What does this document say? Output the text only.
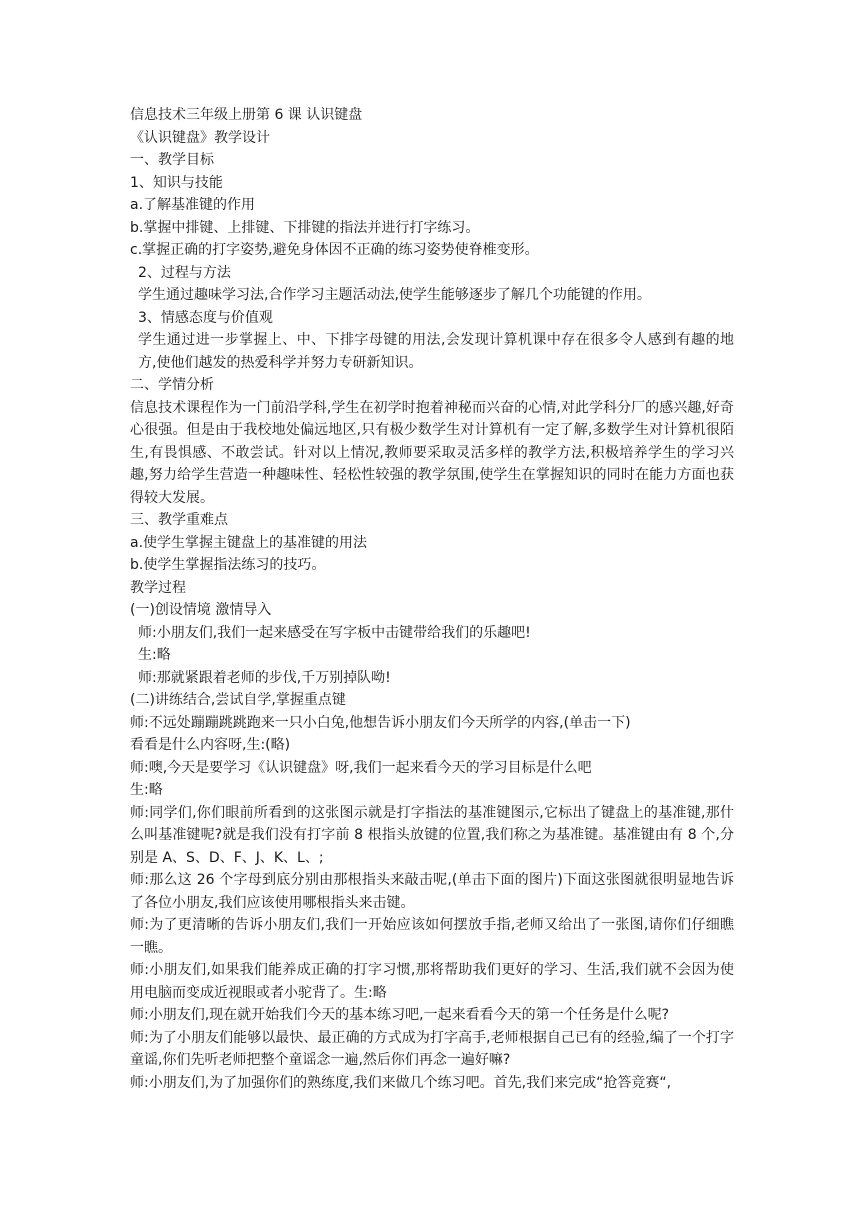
信息技术三年级上册第 6 课 认识键盘
《认识键盘》教学设计
一、教学目标
1、知识与技能
a.了解基准键的作用
b.掌握中排键、上排键、下排键的指法并进行打字练习。
c.掌握正确的打字姿势,避免身体因不正确的练习姿势使脊椎变形。
2、过程与方法
学生通过趣味学习法,合作学习主题活动法,使学生能够逐步了解几个功能键的作用。
3、情感态度与价值观
学生通过进一步掌握上、中、下排字母键的用法,会发现计算机课中存在很多令人感到有趣的地方,使他们越发的热爱科学并努力专研新知识。
二、学情分析
信息技术课程作为一门前沿学科,学生在初学时抱着神秘而兴奋的心情,对此学科分厂的感兴趣,好奇心很强。但是由于我校地处偏远地区,只有极少数学生对计算机有一定了解,多数学生对计算机很陌生,有畏惧感、不敢尝试。针对以上情况,教师要采取灵活多样的教学方法,积极培养学生的学习兴趣,努力给学生营造一种趣味性、轻松性较强的教学氛围,使学生在掌握知识的同时在能力方面也获得较大发展。
三、教学重难点
a.使学生掌握主键盘上的基准键的用法
b.使学生掌握指法练习的技巧。
教学过程
(一)创设情境 激情导入
师:小朋友们,我们一起来感受在写字板中击键带给我们的乐趣吧!
生:略
师:那就紧跟着老师的步伐,千万别掉队呦!
(二)讲练结合,尝试自学,掌握重点键
师:不远处蹦蹦跳跳跑来一只小白兔,他想告诉小朋友们今天所学的内容,(单击一下)
看看是什么内容呀,生:(略)
师:噢,今天是要学习《认识键盘》呀,我们一起来看今天的学习目标是什么吧
生:略
师:同学们,你们眼前所看到的这张图示就是打字指法的基准键图示,它标出了键盘上的基准键,那什么叫基准键呢?就是我们没有打字前 8 根指头放键的位置,我们称之为基准键。基准键由有 8 个,分别是 A、S、D、F、J、K、L、;
师:那么这 26 个字母到底分别由那根指头来敲击呢,(单击下面的图片)下面这张图就很明显地告诉了各位小朋友,我们应该使用哪根指头来击键。
师:为了更清晰的告诉小朋友们,我们一开始应该如何摆放手指,老师又给出了一张图,请你们仔细瞧一瞧。
师:小朋友们,如果我们能养成正确的打字习惯,那将帮助我们更好的学习、生活,我们就不会因为使用电脑而变成近视眼或者小驼背了。生:略
师:小朋友们,现在就开始我们今天的基本练习吧,一起来看看今天的第一个任务是什么呢?
师:为了小朋友们能够以最快、最正确的方式成为打字高手,老师根据自己已有的经验,编了一个打字童谣,你们先听老师把整个童谣念一遍,然后你们再念一遍好嘛?
师:小朋友们,为了加强你们的熟练度,我们来做几个练习吧。首先,我们来完成“抢答竞赛“,
